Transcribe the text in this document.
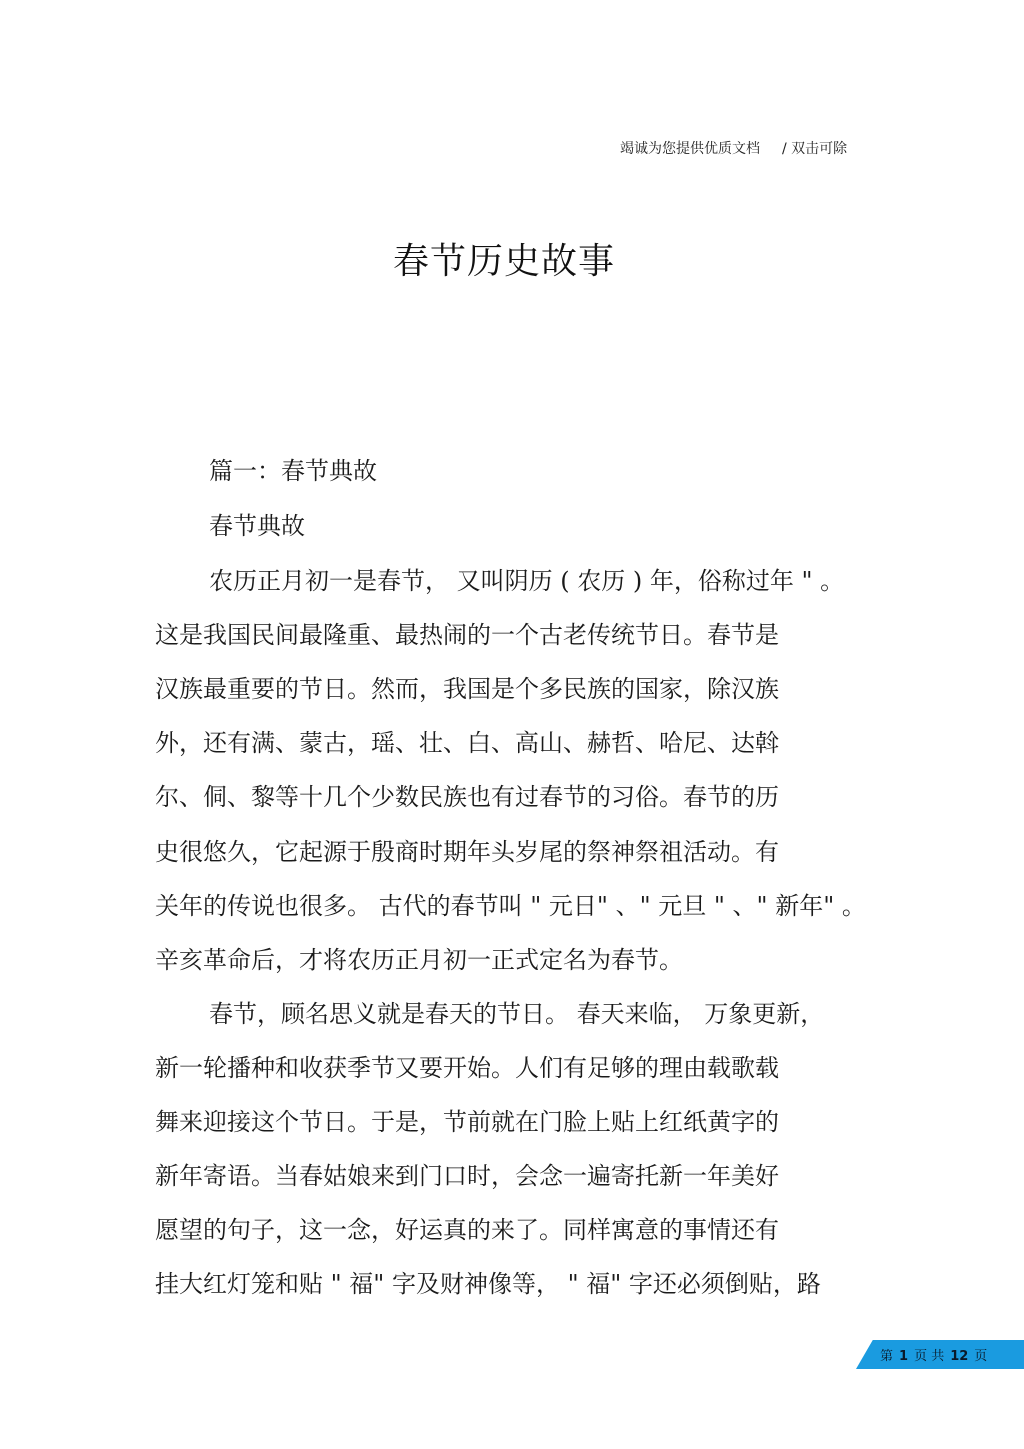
竭诚为您提供优质文档 / 双击可除
春节历史故事
篇一：春节典故
春节典故
农历正月初一是春节， 又叫阴历 ( 农历 ) 年，俗称过年 " 。
这是我国民间最隆重、最热闹的一个古老传统节日。春节是
汉族最重要的节日。然而，我国是个多民族的国家，除汉族
外，还有满、蒙古，瑶、壮、白、高山、赫哲、哈尼、达斡
尔、侗、黎等十几个少数民族也有过春节的习俗。春节的历
史很悠久，它起源于殷商时期年头岁尾的祭神祭祖活动。有
关年的传说也很多。 古代的春节叫 " 元日" 、" 元旦 " 、" 新年" 。
辛亥革命后，才将农历正月初一正式定名为春节。
春节，顾名思义就是春天的节日。 春天来临， 万象更新，
新一轮播种和收获季节又要开始。人们有足够的理由载歌载
舞来迎接这个节日。于是，节前就在门脸上贴上红纸黄字的
新年寄语。当春姑娘来到门口时，会念一遍寄托新一年美好
愿望的句子，这一念，好运真的来了。同样寓意的事情还有
挂大红灯笼和贴 " 福" 字及财神像等， " 福" 字还必须倒贴，路
第 1 页 共 12 页
